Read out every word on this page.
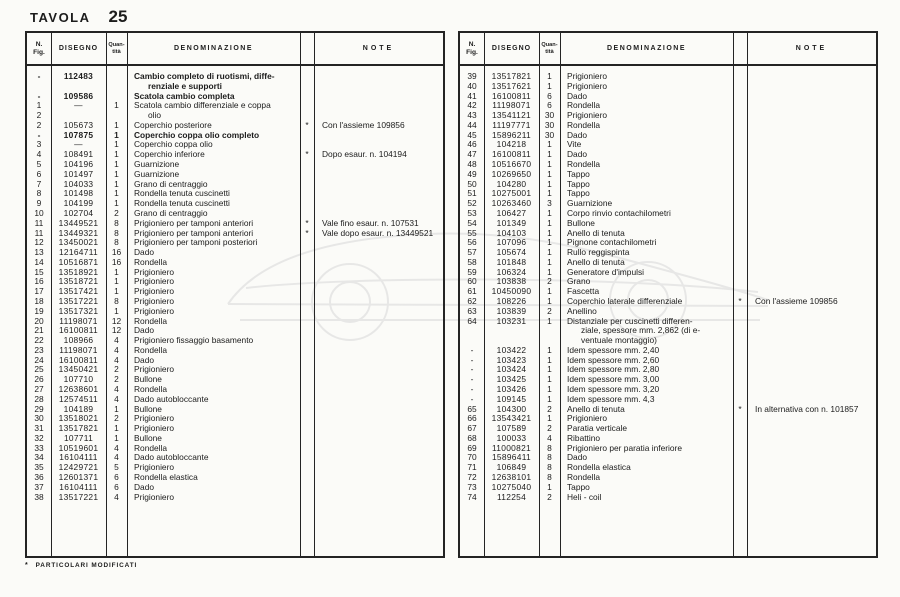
TAVOLA 25
N.
Fig.	DISEGNO	Quan-
tità	DENOMINAZIONE	NOTE
-	112483	Cambio completo di ruotismi, diffe-
renziale e supporti
-	109586	Scatola cambio completa
1	—	1	Scatola cambio differenziale e coppa
2	olio
2	105673	1	Coperchio posteriore	*	Con l'assieme 109856
-	107875	1	Coperchio coppa olio completo
3	—	1	Coperchio coppa olio
4	108491	1	Coperchio inferiore	*	Dopo esaur. n. 104194
5	104196	1	Guarnizione
6	101497	1	Guarnizione
7	104033	1	Grano di centraggio
8	101498	1	Rondella tenuta cuscinetti
9	104199	1	Rondella tenuta cuscinetti
10	102704	2	Grano di centraggio
11	13449521	8	Prigioniero per tamponi anteriori	*	Vale fino esaur. n. 107531
11	13449321	8	Prigioniero per tamponi anteriori	*	Vale dopo esaur. n. 13449521
12	13450021	8	Prigioniero per tamponi posteriori
13	12164711	16	Dado
14	10516871	16	Rondella
15	13518921	1	Prigioniero
16	13518721	1	Prigioniero
17	13517421	1	Prigioniero
18	13517221	8	Prigioniero
19	13517321	1	Prigioniero
20	11198071	12	Rondella
21	16100811	12	Dado
22	108966	4	Prigioniero fissaggio basamento
23	11198071	4	Rondella
24	16100811	4	Dado
25	13450421	2	Prigioniero
26	107710	2	Bullone
27	12638601	4	Rondella
28	12574511	4	Dado autobloccante
29	104189	1	Bullone
30	13518021	2	Prigioniero
31	13517821	1	Prigioniero
32	107711	1	Bullone
33	10519601	4	Rondella
34	16104111	4	Dado autobloccante
35	12429721	5	Prigioniero
36	12601371	6	Rondella elastica
37	16104111	6	Dado
38	13517221	4	Prigioniero
N.
Fig.	DISEGNO	Quan-
tità	DENOMINAZIONE	NOTE
39	13517821	1	Prigioniero
40	13517621	1	Prigioniero
41	16100811	6	Dado
42	11198071	6	Rondella
43	13541121	30	Prigioniero
44	11197771	30	Rondella
45	15896211	30	Dado
46	104218	1	Vite
47	16100811	1	Dado
48	10516670	1	Rondella
49	10269650	1	Tappo
50	104280	1	Tappo
51	10275001	1	Tappo
52	10263460	3	Guarnizione
53	106427	1	Corpo rinvio contachilometri
54	101349	1	Bullone
55	104103	1	Anello di tenuta
56	107096	1	Pignone contachilometri
57	105674	1	Rullo reggispinta
58	101848	1	Anello di tenuta
59	106324	1	Generatore d'impulsi
60	103838	2	Grano
61	10450090	1	Fascetta
62	108226	1	Coperchio laterale differenziale	*	Con l'assieme 109856
63	103839	2	Anellino
64	103231	1	Distanziale per cuscinetti differen-
ziale, spessore mm. 2,862 (di e-
ventuale montaggio)
-	103422	1	Idem spessore mm. 2,40
-	103423	1	Idem spessore mm. 2,60
-	103424	1	Idem spessore mm. 2,80
-	103425	1	Idem spessore mm. 3,00
-	103426	1	Idem spessore mm. 3,20
-	109145	1	Idem spessore mm. 4,3
65	104300	2	Anello di tenuta	*	In alternativa con n. 101857
66	13543421	1	Prigioniero
67	107589	2	Paratia verticale
68	100033	4	Ribattino
69	11000821	8	Prigioniero per paratia inferiore
70	15896411	8	Dado
71	106849	8	Rondella elastica
72	12638101	8	Rondella
73	10275040	1	Tappo
74	112254	2	Heli - coil
* PARTICOLARI MODIFICATI
